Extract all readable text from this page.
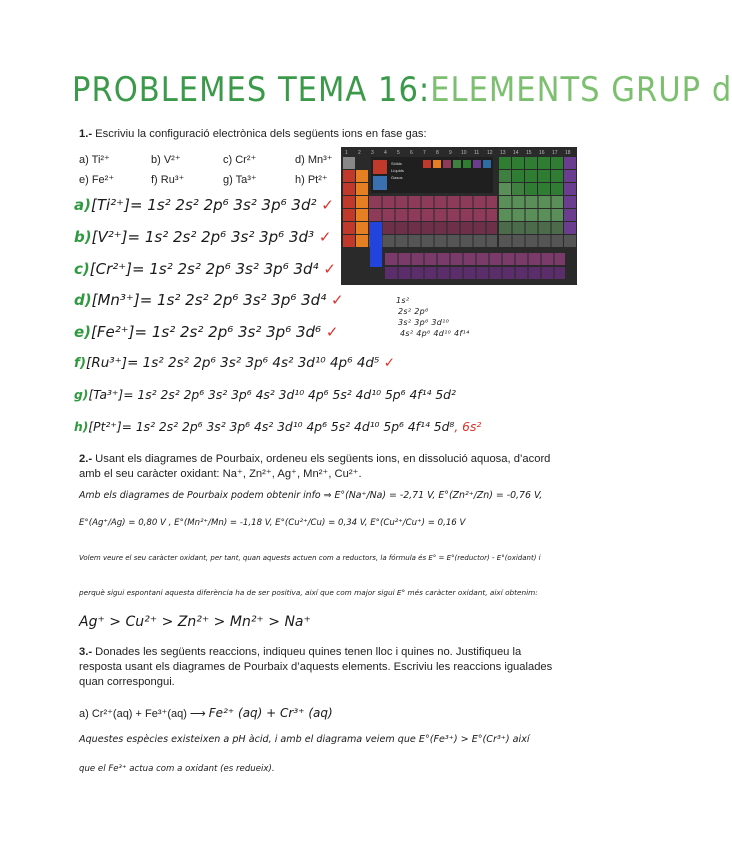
PROBLEMES TEMA 16:ELEMENTS GRUP d
1.- Escriviu la configuració electrònica dels següents ions en fase gas:
a) Ti²⁺	b) V²⁺	c) Cr²⁺	d) Mn³⁺
e) Fe²⁺	f) Ru³⁺	g) Ta³⁺	h) Pt²⁺
a)[Ti²⁺]= 1s² 2s² 2p⁶ 3s² 3p⁶ 3d² ✓
b)[V²⁺]= 1s² 2s² 2p⁶ 3s² 3p⁶ 3d³ ✓
c)[Cr²⁺]= 1s² 2s² 2p⁶ 3s² 3p⁶ 3d⁴ ✓
d)[Mn³⁺]= 1s² 2s² 2p⁶ 3s² 3p⁶ 3d⁴ ✓
e)[Fe²⁺]= 1s² 2s² 2p⁶ 3s² 3p⁶ 3d⁶ ✓
f)[Ru³⁺]= 1s² 2s² 2p⁶ 3s² 3p⁶ 4s² 3d¹⁰ 4p⁶ 4d⁵ ✓
g)[Ta³⁺]= 1s² 2s² 2p⁶ 3s² 3p⁶ 4s² 3d¹⁰ 4p⁶ 5s² 4d¹⁰ 5p⁶ 4f¹⁴ 5d²
h)[Pt²⁺]= 1s² 2s² 2p⁶ 3s² 3p⁶ 4s² 3d¹⁰ 4p⁶ 5s² 4d¹⁰ 5p⁶ 4f¹⁴ 5d⁸, 6s²
1 2 3 4 5 6 7 8 9 10 11 12 13 14 15 16 17 18
Sòlids
Líquids
Gasos
1s²
2s² 2p⁶
3s² 3p⁶ 3d¹⁰
4s² 4p⁶ 4d¹⁰ 4f¹⁴
2.- Usant els diagrames de Pourbaix, ordeneu els següents ions, en dissolució aquosa, d’acord amb el seu caràcter oxidant: Na⁺, Zn²⁺, Ag⁺, Mn²⁺, Cu²⁺.
Amb els diagrames de Pourbaix podem obtenir info ⇒ E°(Na⁺/Na) = -2,71 V, E°(Zn²⁺/Zn) = -0,76 V,
E°(Ag⁺/Ag) = 0,80 V , E°(Mn²⁺/Mn) = -1,18 V, E°(Cu²⁺/Cu) = 0,34 V, E°(Cu²⁺/Cu⁺) = 0,16 V
Volem veure el seu caràcter oxidant, per tant, quan aquests actuen com a reductors, la fórmula és E° = E°(reductor) - E°(oxidant) i
perquè sigui espontani aquesta diferència ha de ser positiva, així que com major sigui E° més caràcter oxidant, així obtenim:
Ag⁺ > Cu²⁺ > Zn²⁺ > Mn²⁺ > Na⁺
3.- Donades les següents reaccions, indiqueu quines tenen lloc i quines no. Justifiqueu la resposta usant els diagrames de Pourbaix d’aquests elements. Escriviu les reaccions igualades quan correspongui.
a) Cr²⁺(aq) + Fe³⁺(aq) ⟶ Fe²⁺ (aq) + Cr³⁺ (aq)
Aquestes espècies existeixen a pH àcid, i amb el diagrama veiem que E°(Fe³⁺) > E°(Cr³⁺) així
que el Fe³⁺ actua com a oxidant (es redueix).
